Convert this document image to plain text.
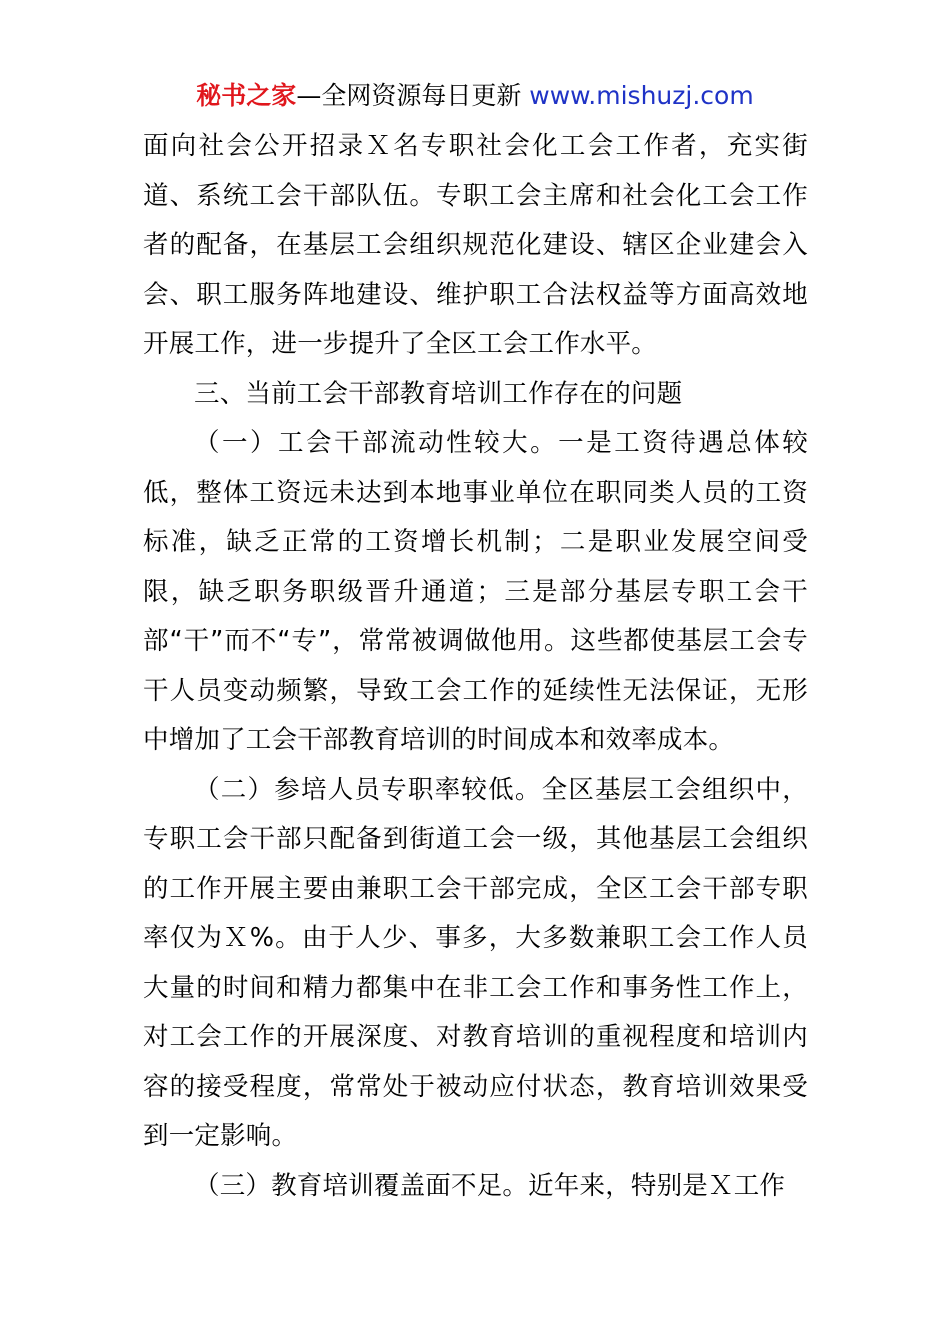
秘书之家—全网资源每日更新 www.mishuzj.com

面向社会公开招录Ｘ名专职社会化工会工作者，充实街道、系统工会干部队伍。专职工会主席和社会化工会工作者的配备，在基层工会组织规范化建设、辖区企业建会入会、职工服务阵地建设、维护职工合法权益等方面高效地开展工作，进一步提升了全区工会工作水平。

三、当前工会干部教育培训工作存在的问题

（一）工会干部流动性较大。一是工资待遇总体较低，整体工资远未达到本地事业单位在职同类人员的工资标准，缺乏正常的工资增长机制；二是职业发展空间受限，缺乏职务职级晋升通道；三是部分基层专职工会干部“干”而不“专”，常常被调做他用。这些都使基层工会专干人员变动频繁，导致工会工作的延续性无法保证，无形中增加了工会干部教育培训的时间成本和效率成本。

（二）参培人员专职率较低。全区基层工会组织中，专职工会干部只配备到街道工会一级，其他基层工会组织的工作开展主要由兼职工会干部完成，全区工会干部专职率仅为Ｘ%。由于人少、事多，大多数兼职工会工作人员大量的时间和精力都集中在非工会工作和事务性工作上，对工会工作的开展深度、对教育培训的重视程度和培训内容的接受程度，常常处于被动应付状态，教育培训效果受到一定影响。

（三）教育培训覆盖面不足。近年来，特别是Ｘ工作
